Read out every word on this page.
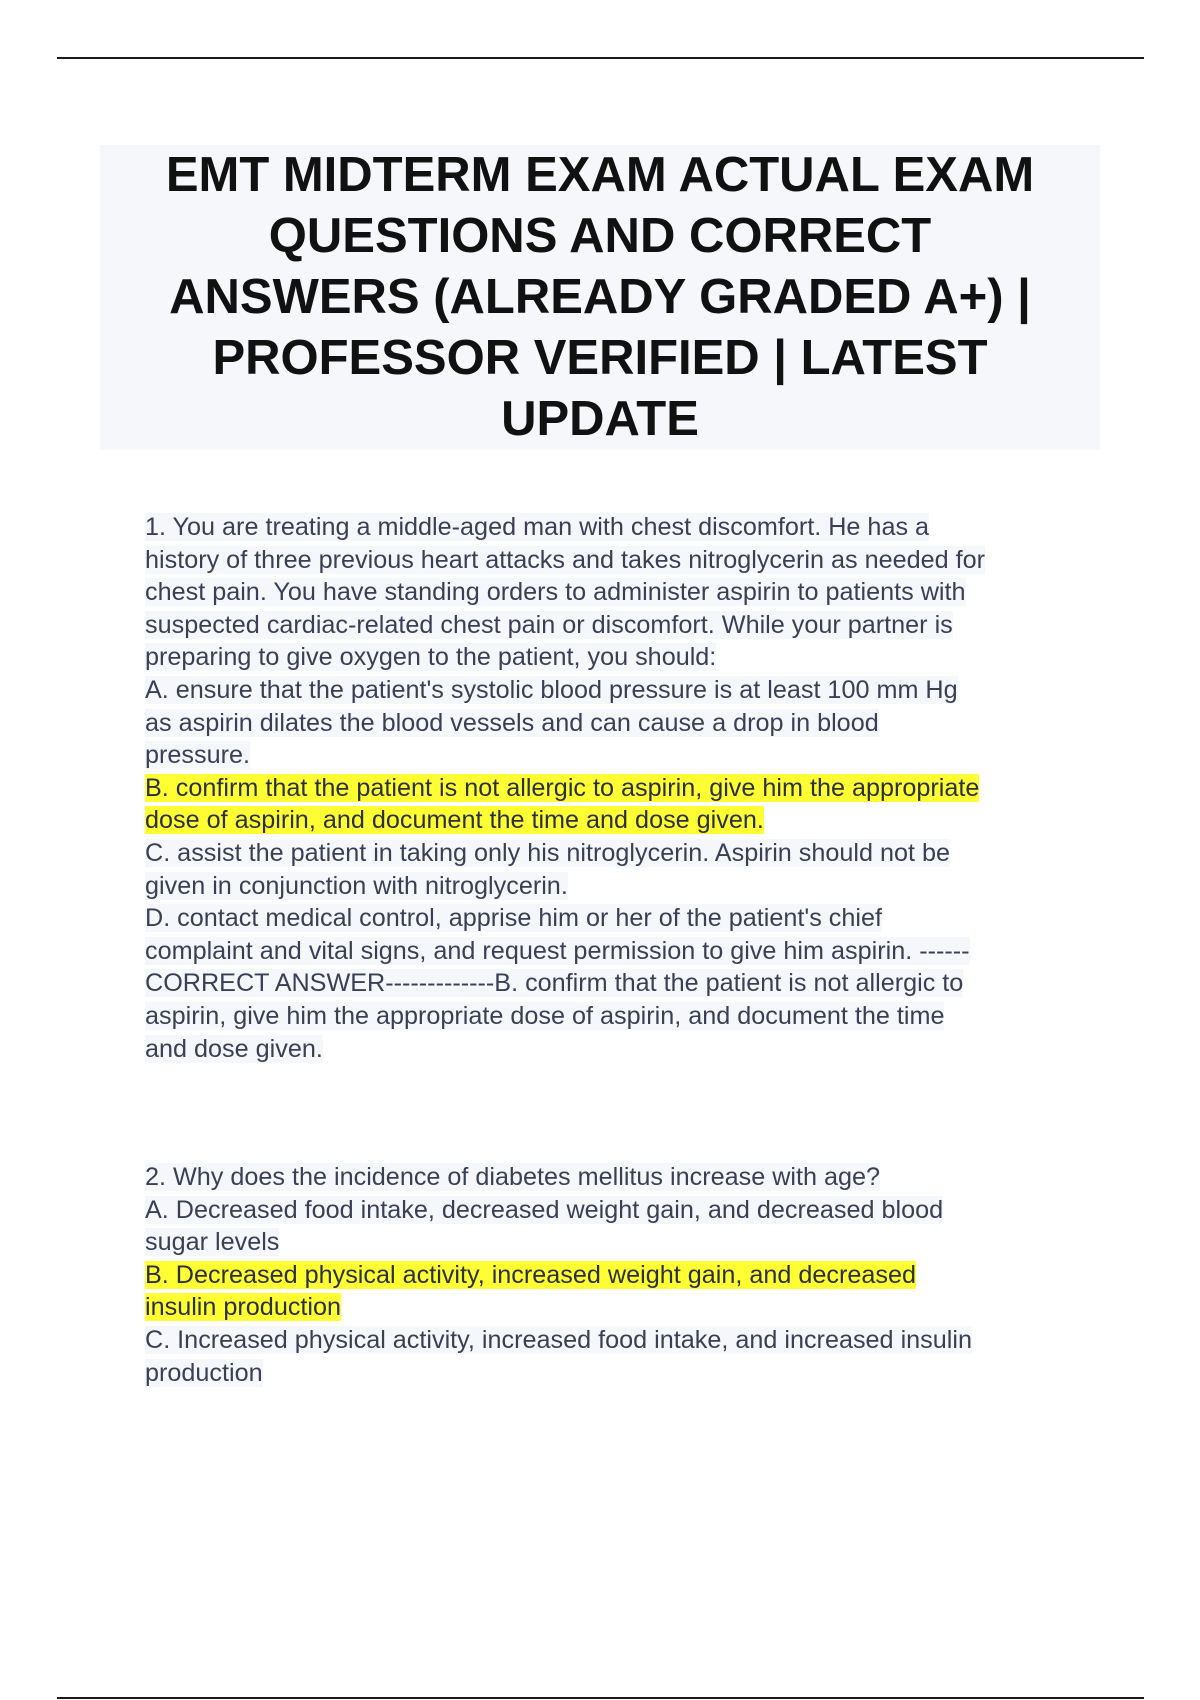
EMT MIDTERM EXAM ACTUAL EXAM
QUESTIONS AND CORRECT
ANSWERS (ALREADY GRADED A+) |
PROFESSOR VERIFIED | LATEST
UPDATE
1. You are treating a middle-aged man with chest discomfort. He has a
history of three previous heart attacks and takes nitroglycerin as needed for
chest pain. You have standing orders to administer aspirin to patients with
suspected cardiac-related chest pain or discomfort. While your partner is
preparing to give oxygen to the patient, you should:
A. ensure that the patient's systolic blood pressure is at least 100 mm Hg
as aspirin dilates the blood vessels and can cause a drop in blood
pressure.
B. confirm that the patient is not allergic to aspirin, give him the appropriate
dose of aspirin, and document the time and dose given.
C. assist the patient in taking only his nitroglycerin. Aspirin should not be
given in conjunction with nitroglycerin.
D. contact medical control, apprise him or her of the patient's chief
complaint and vital signs, and request permission to give him aspirin. ------
CORRECT ANSWER-------------B. confirm that the patient is not allergic to
aspirin, give him the appropriate dose of aspirin, and document the time
and dose given.
2. Why does the incidence of diabetes mellitus increase with age?
A. Decreased food intake, decreased weight gain, and decreased blood
sugar levels
B. Decreased physical activity, increased weight gain, and decreased
insulin production
C. Increased physical activity, increased food intake, and increased insulin
production
